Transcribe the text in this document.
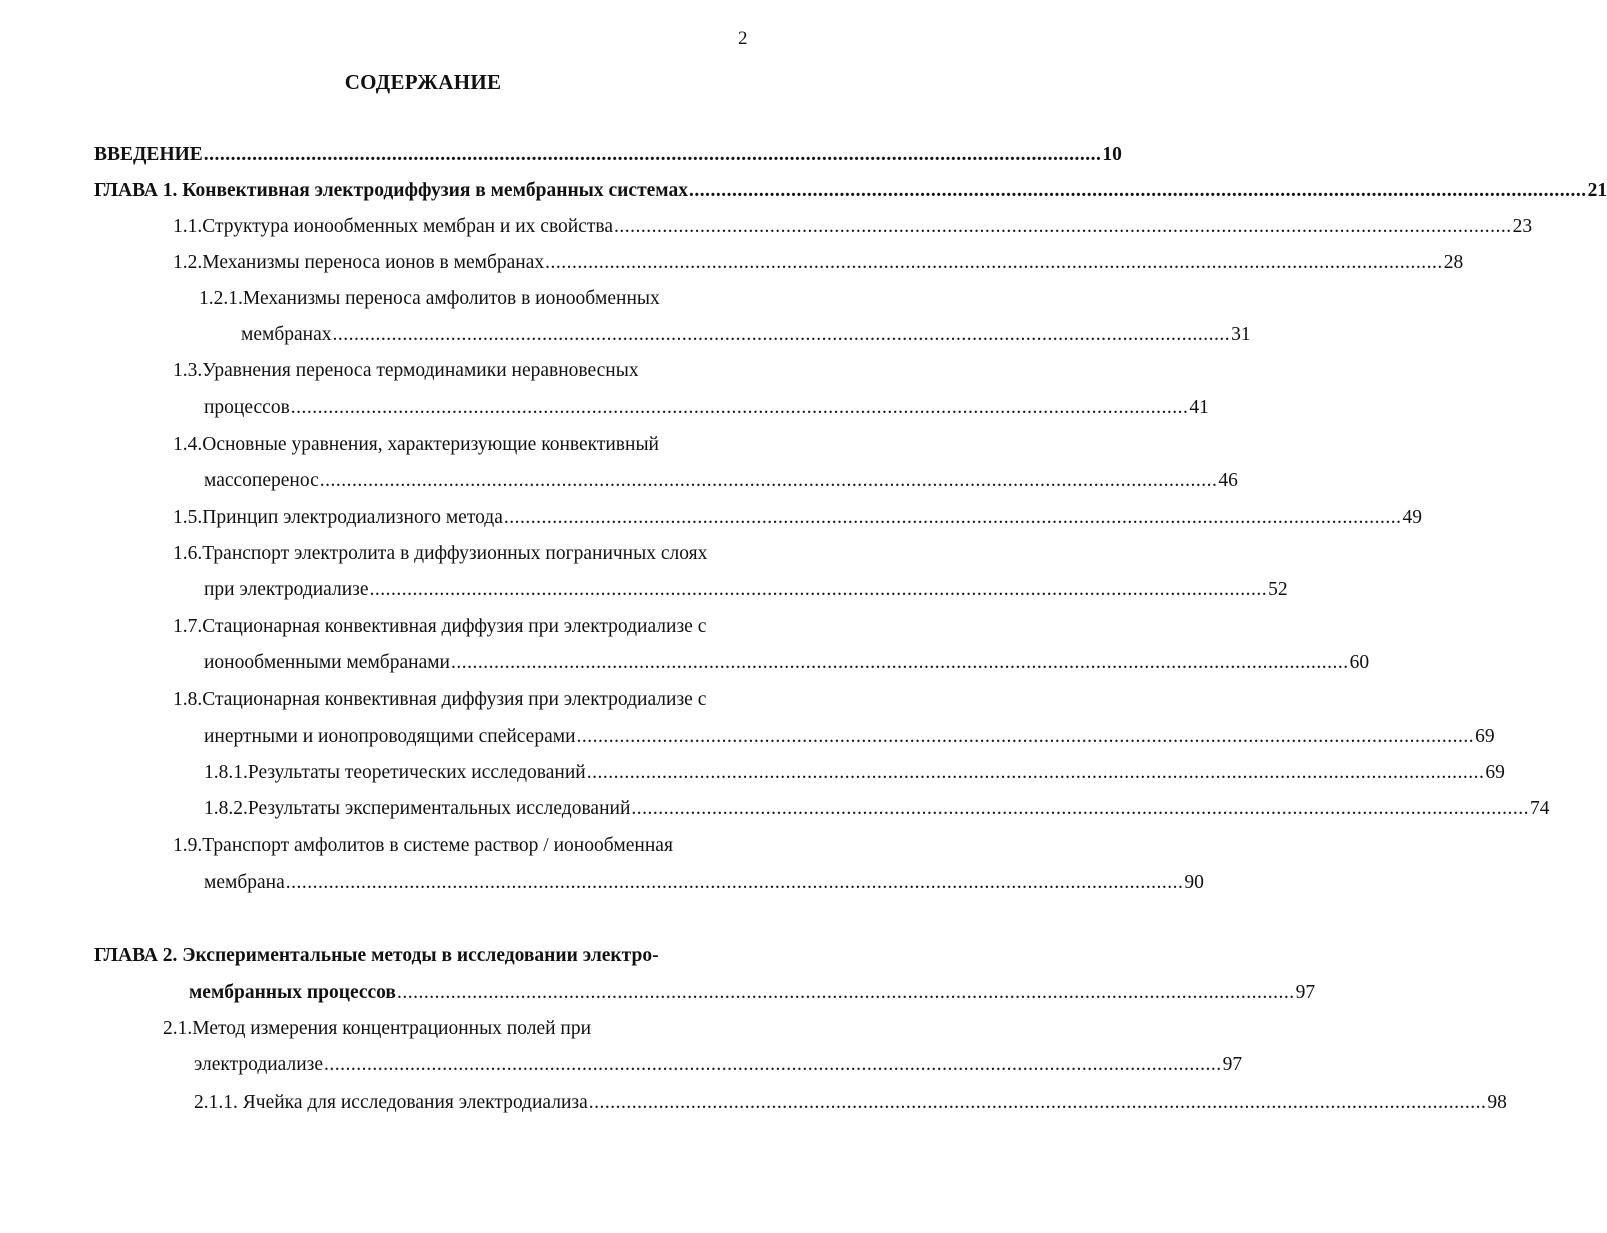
2
СОДЕРЖАНИЕ
ВВЕДЕНИЕ ....................................................................................................................................................................... 10
ГЛАВА 1. Конвективная электродиффузия в мембранных системах ....................................................................................................................................................................... 21
1.1.Структура ионообменных мембран и их свойства ....................................................................................................................................................................... 23
1.2.Механизмы переноса ионов в мембранах ....................................................................................................................................................................... 28
1.2.1.Механизмы переноса амфолитов в ионообменных
мембранах ....................................................................................................................................................................... 31
1.3.Уравнения переноса термодинамики неравновесных
процессов ....................................................................................................................................................................... 41
1.4.Основные уравнения, характеризующие конвективный
массоперенос ....................................................................................................................................................................... 46
1.5.Принцип электродиализного метода ....................................................................................................................................................................... 49
1.6.Транспорт электролита в диффузионных пограничных слоях
при электродиализе ....................................................................................................................................................................... 52
1.7.Стационарная конвективная диффузия при электродиализе с
ионообменными мембранами ....................................................................................................................................................................... 60
1.8.Стационарная конвективная диффузия при электродиализе с
инертными и ионопроводящими спейсерами ....................................................................................................................................................................... 69
1.8.1.Результаты теоретических исследований ....................................................................................................................................................................... 69
1.8.2.Результаты экспериментальных исследований ....................................................................................................................................................................... 74
1.9.Транспорт амфолитов в системе раствор / ионообменная
мембрана ....................................................................................................................................................................... 90
ГЛАВА 2. Экспериментальные методы в исследовании электро-
мембранных процессов ....................................................................................................................................................................... 97
2.1.Метод измерения концентрационных полей при
электродиализе ....................................................................................................................................................................... 97
2.1.1. Ячейка для исследования электродиализа ....................................................................................................................................................................... 98
